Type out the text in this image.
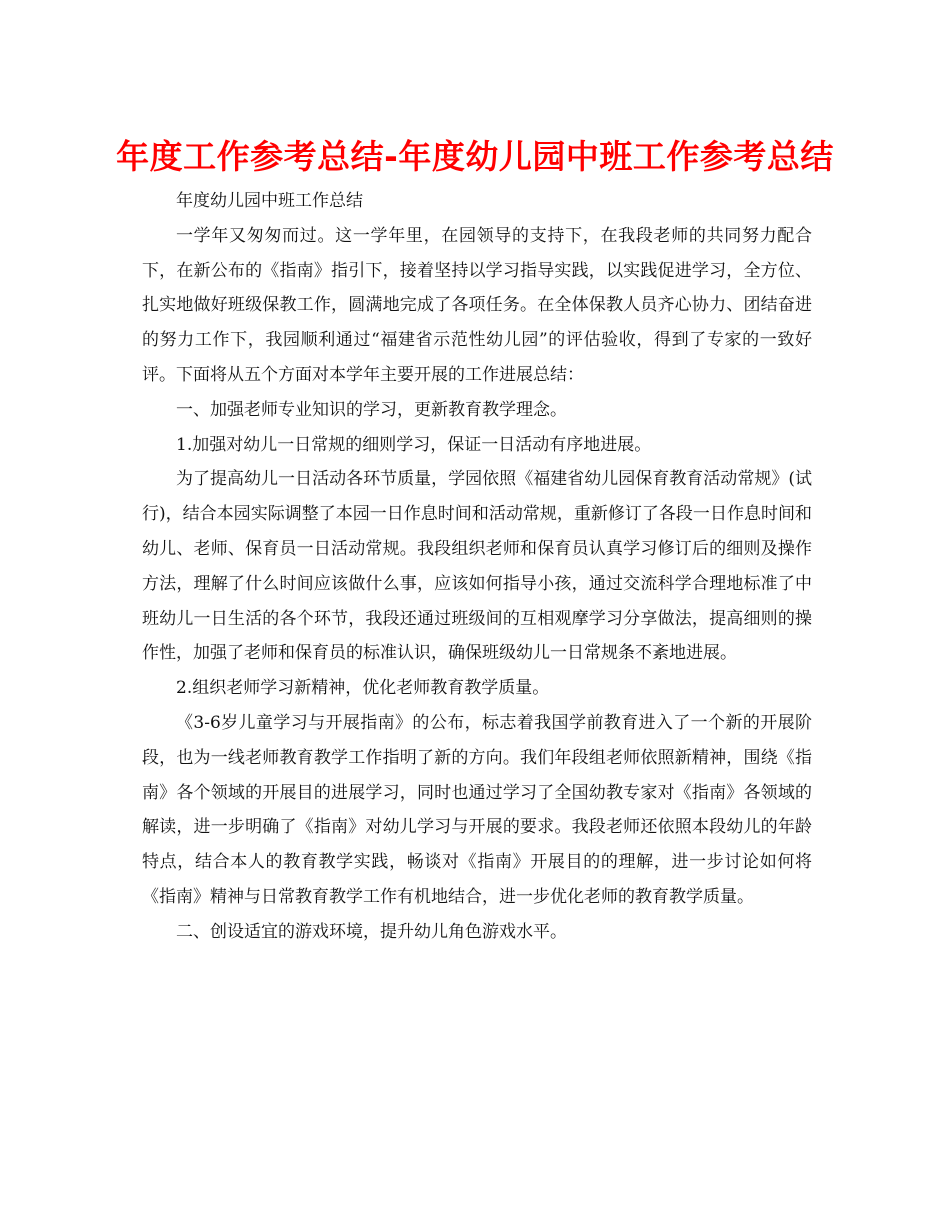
年度工作参考总结-年度幼儿园中班工作参考总结

年度幼儿园中班工作总结

一学年又匆匆而过。这一学年里，在园领导的支持下，在我段老师的共同努力配合下，在新公布的《指南》指引下，接着坚持以学习指导实践，以实践促进学习，全方位、扎实地做好班级保教工作，圆满地完成了各项任务。在全体保教人员齐心协力、团结奋进的努力工作下，我园顺利通过“福建省示范性幼儿园”的评估验收，得到了专家的一致好评。下面将从五个方面对本学年主要开展的工作进展总结：

一、加强老师专业知识的学习，更新教育教学理念。

1.加强对幼儿一日常规的细则学习，保证一日活动有序地进展。

为了提高幼儿一日活动各环节质量，学园依照《福建省幼儿园保育教育活动常规》(试行)，结合本园实际调整了本园一日作息时间和活动常规，重新修订了各段一日作息时间和幼儿、老师、保育员一日活动常规。我段组织老师和保育员认真学习修订后的细则及操作方法，理解了什么时间应该做什么事，应该如何指导小孩，通过交流科学合理地标准了中班幼儿一日生活的各个环节，我段还通过班级间的互相观摩学习分享做法，提高细则的操作性，加强了老师和保育员的标准认识，确保班级幼儿一日常规条不紊地进展。

2.组织老师学习新精神，优化老师教育教学质量。

《3-6岁儿童学习与开展指南》的公布，标志着我国学前教育进入了一个新的开展阶段，也为一线老师教育教学工作指明了新的方向。我们年段组老师依照新精神，围绕《指南》各个领域的开展目的进展学习，同时也通过学习了全国幼教专家对《指南》各领域的解读，进一步明确了《指南》对幼儿学习与开展的要求。我段老师还依照本段幼儿的年龄特点，结合本人的教育教学实践，畅谈对《指南》开展目的的理解，进一步讨论如何将《指南》精神与日常教育教学工作有机地结合，进一步优化老师的教育教学质量。

二、创设适宜的游戏环境，提升幼儿角色游戏水平。
